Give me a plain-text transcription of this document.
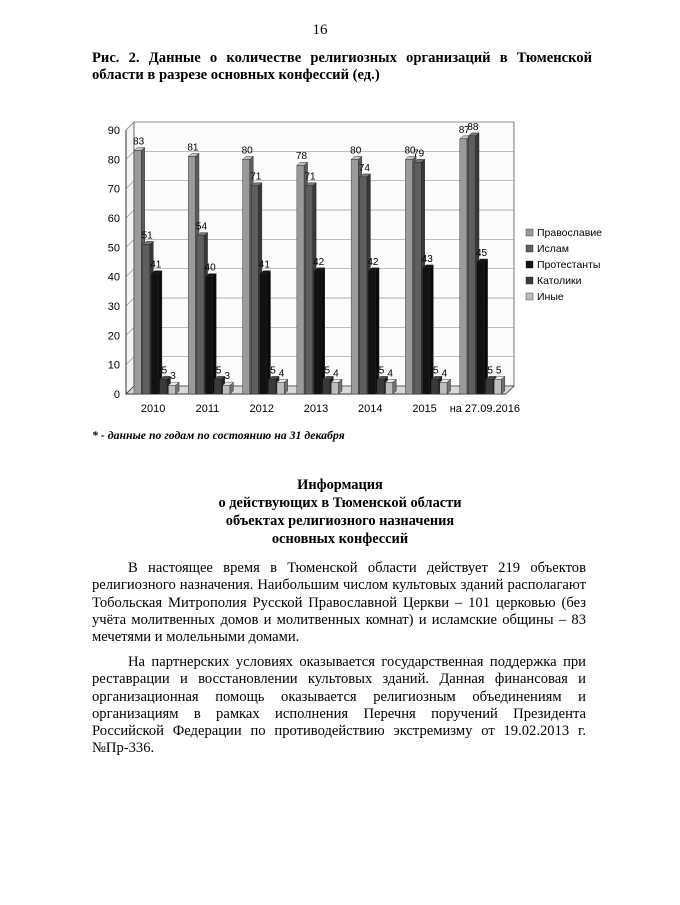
16
Рис. 2. Данные о количестве религиозных организаций в Тюменской области в разрезе основных конфессий (ед.)
0
10
20
30
40
50
60
70
80
90
83
51
41
5
3
2010
81
54
40
5
3
2011
80
71
41
5 4
2012
78
71
42
5 4
2013
80
74
42
5 4
2014
80
79
43
5 4
2015
87
88
45
5 5
на 27.09.2016
Православие
Ислам
Протестанты
Католики
Иные
* - данные по годам по состоянию на 31 декабря
Информация
о действующих в Тюменской области
объектах религиозного назначения
основных конфессий

В настоящее время в Тюменской области действует 219 объектов религиозного назначения. Наибольшим числом культовых зданий располагают Тобольская Митрополия Русской Православной Церкви – 101 церковью (без учёта молитвенных домов и молитвенных комнат) и исламские общины – 83 мечетями и молельными домами.

На партнерских условиях оказывается государственная поддержка при реставрации и восстановлении культовых зданий. Данная финансовая и организационная помощь оказывается религиозным объединениям и организациям в рамках исполнения Перечня поручений Президента Российской Федерации по противодействию экстремизму от 19.02.2013 г. №Пр-336.
